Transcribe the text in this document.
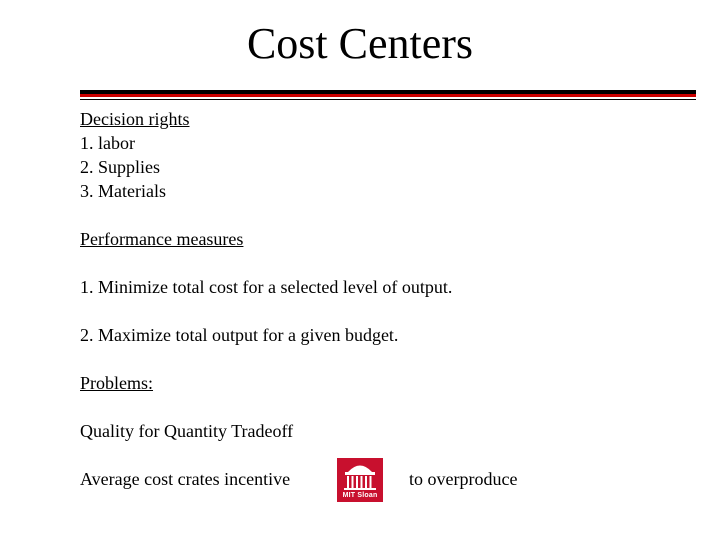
Cost Centers
Decision rights
1. labor
2. Supplies
3. Materials
Performance measures
1. Minimize total cost for a selected level of output.
2. Maximize total output for a given budget.
Problems:
Quality for Quantity Tradeoff
Average cost crates incentive
MIT Sloan
to overproduce
